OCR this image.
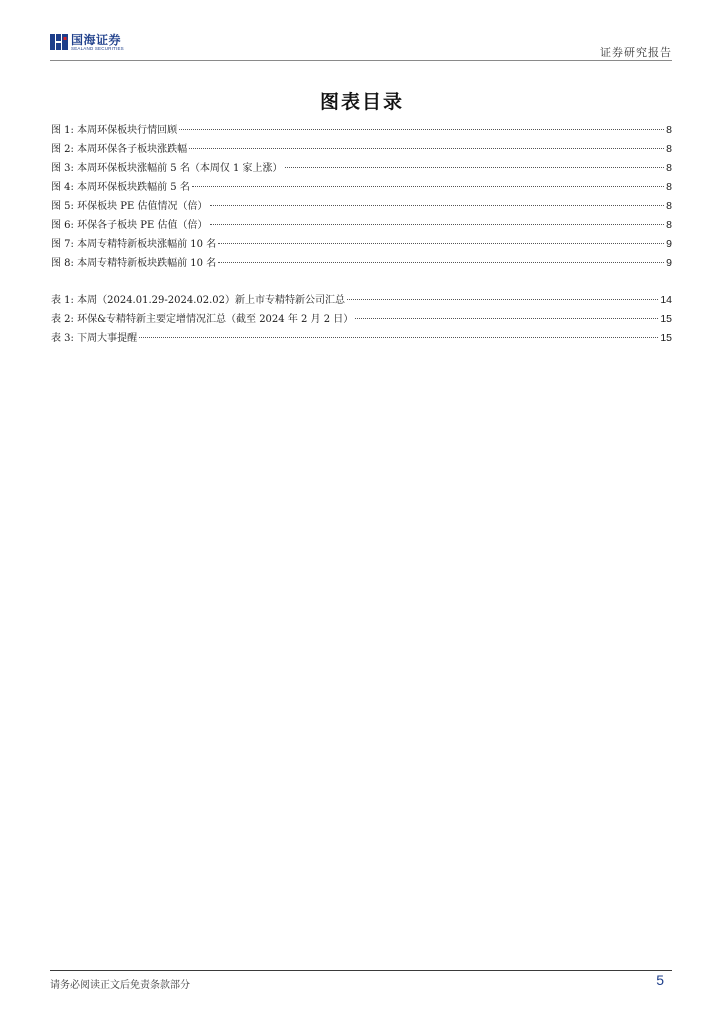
国海证券
SEALAND SECURITIES	证券研究报告
图表目录
图 1: 本周环保板块行情回顾	8
图 2: 本周环保各子板块涨跌幅	8
图 3: 本周环保板块涨幅前 5 名（本周仅 1 家上涨）	8
图 4: 本周环保板块跌幅前 5 名	8
图 5: 环保板块 PE 估值情况（倍）	8
图 6: 环保各子板块 PE 估值（倍）	8
图 7: 本周专精特新板块涨幅前 10 名	9
图 8: 本周专精特新板块跌幅前 10 名	9
表 1: 本周（2024.01.29-2024.02.02）新上市专精特新公司汇总	14
表 2: 环保&专精特新主要定增情况汇总（截至 2024 年 2 月 2 日）	15
表 3: 下周大事提醒	15
请务必阅读正文后免责条款部分	5
